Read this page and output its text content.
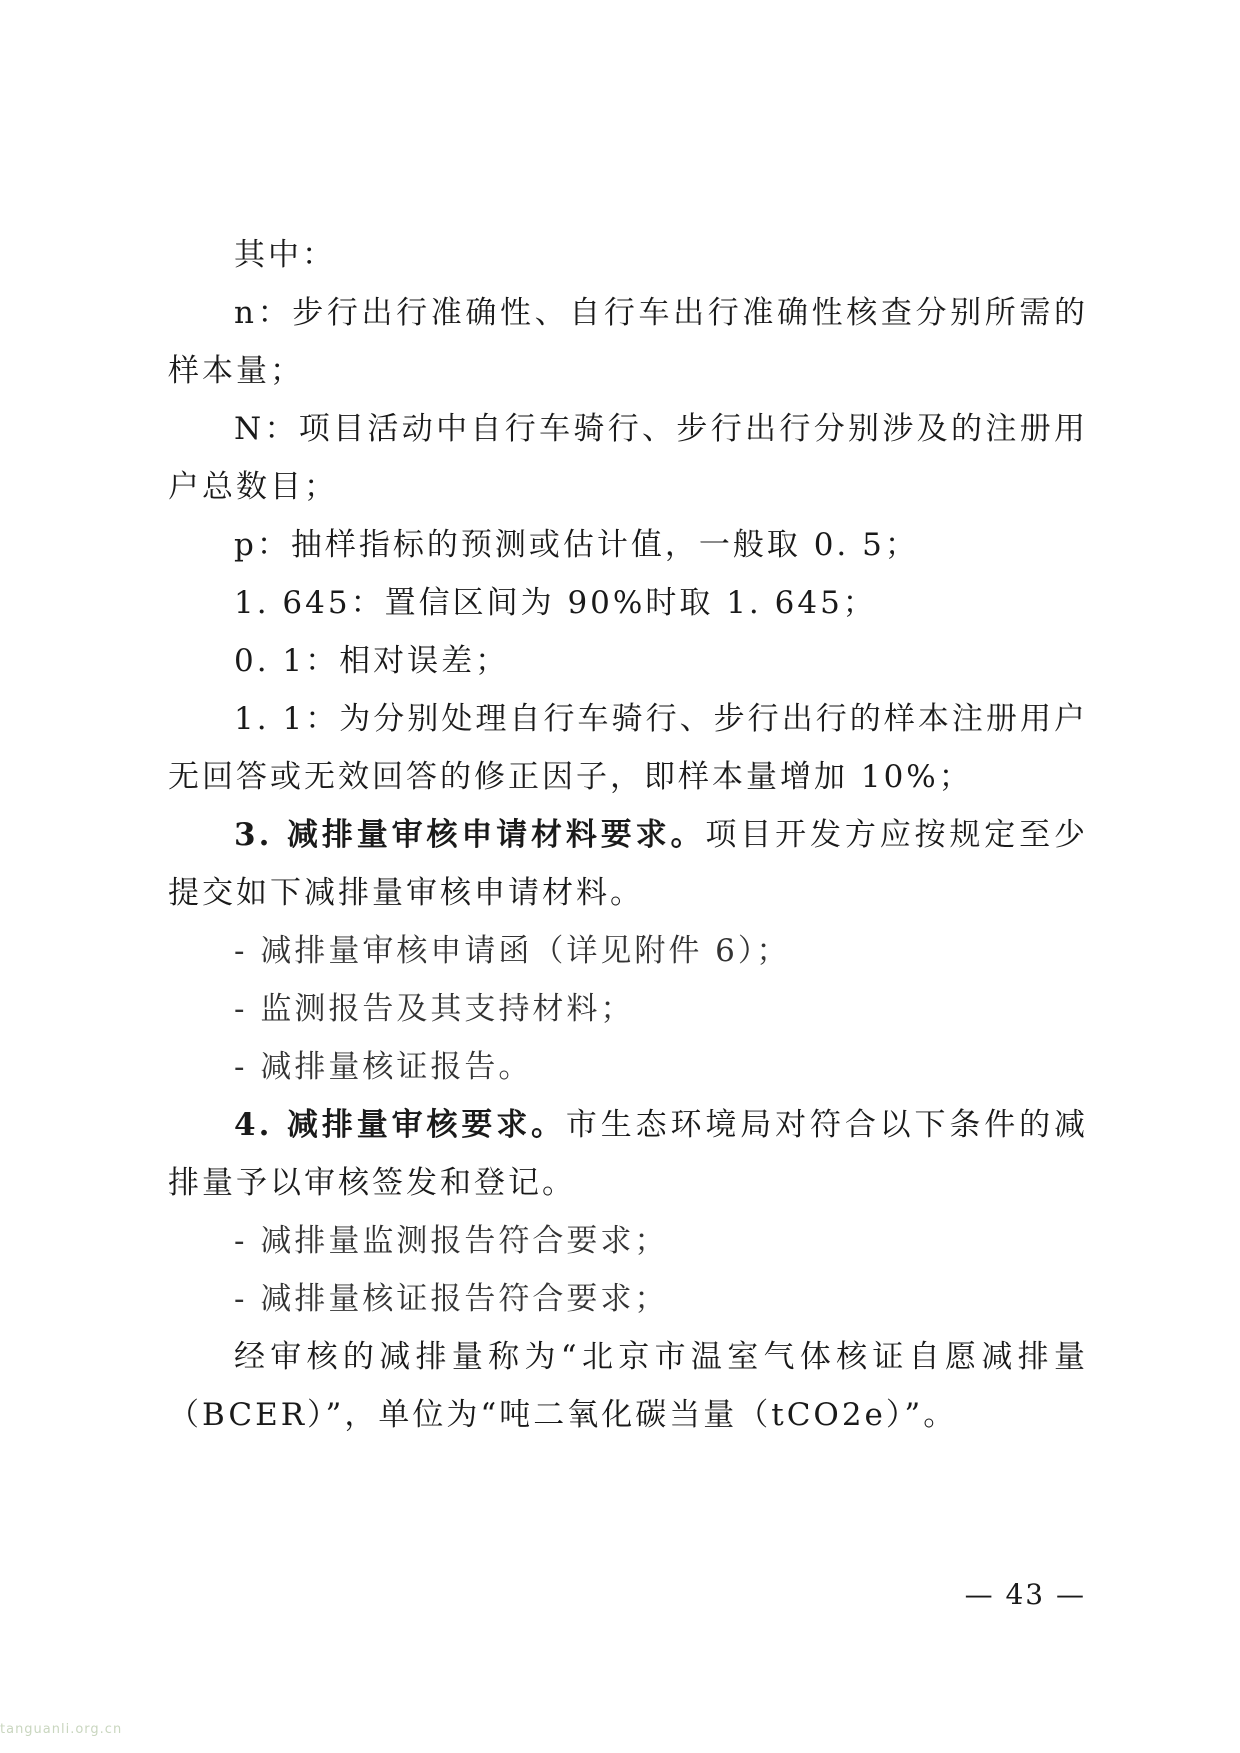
其中：

n：步行出行准确性、自行车出行准确性核查分别所需的样本量；

N：项目活动中自行车骑行、步行出行分别涉及的注册用户总数目；

p：抽样指标的预测或估计值，一般取 0. 5；

1. 645：置信区间为 90%时取 1. 645；

0. 1：相对误差；

1. 1：为分别处理自行车骑行、步行出行的样本注册用户无回答或无效回答的修正因子，即样本量增加 10%；

3. 减排量审核申请材料要求。项目开发方应按规定至少提交如下减排量审核申请材料。

- 减排量审核申请函（详见附件 6）；

- 监测报告及其支持材料；

- 减排量核证报告。

4. 减排量审核要求。市生态环境局对符合以下条件的减排量予以审核签发和登记。

- 减排量监测报告符合要求；

- 减排量核证报告符合要求；

经审核的减排量称为“北京市温室气体核证自愿减排量（BCER）”，单位为“吨二氧化碳当量（tCO2e）”。

— 43 —
tanguanli.org.cn
